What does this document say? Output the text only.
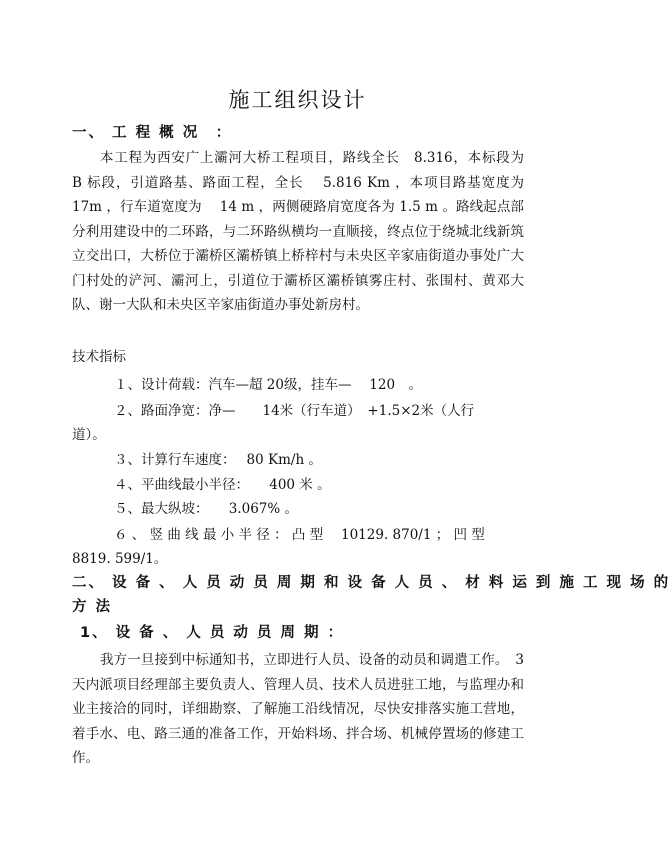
施工组织设计
一、 工 程 概 况　：
本工程为西安广上灞河大桥工程项目，路线全长　8.316，本标段为　B 标段，引道路基、路面工程，全长　 5.816 Km ，本项目路基宽度为　 17m ，行车道宽度为　 14 m ，两侧硬路肩宽度各为 1.5 m 。路线起点部分利用建设中的二环路，与二环路纵横均一直顺接，终点位于绕城北线新筑立交出口，大桥位于灞桥区灞桥镇上桥梓村与未央区辛家庙街道办事处广大门村处的浐河、灞河上，引道位于灞桥区灞桥镇雾庄村、张围村、黄邓大队、谢一大队和未央区辛家庙街道办事处新房村。
技术指标
１、设计荷载：汽车—超 20级，挂车—　 120　。
２、路面净宽：净—　　14米（行车道）　+1.5×2米（人行
道）。
３、计算行车速度：　 80 Km/h 。
４、平曲线最小半径：　　400 米 。
５、最大纵坡：　　3.067% 。
６ 、 竖 曲 线 最 小 半 径 ： 凸 型　 10129. 870/1 ； 凹 型
8819. 599/1。
二、 设 备 、 人 员 动 员 周 期 和 设 备 人 员 、 材 料 运 到 施 工 现 场 的
方 法
1、 设 备 、 人 员 动 员 周 期 ：
我方一旦接到中标通知书，立即进行人员、设备的动员和调遣工作。　3 天内派项目经理部主要负责人、管理人员、技术人员进驻工地，与监理办和业主接洽的同时，详细勘察、了解施工沿线情况，尽快安排落实施工营地，着手水、电、路三通的准备工作，开始料场、拌合场、机械停置场的修建工作。
